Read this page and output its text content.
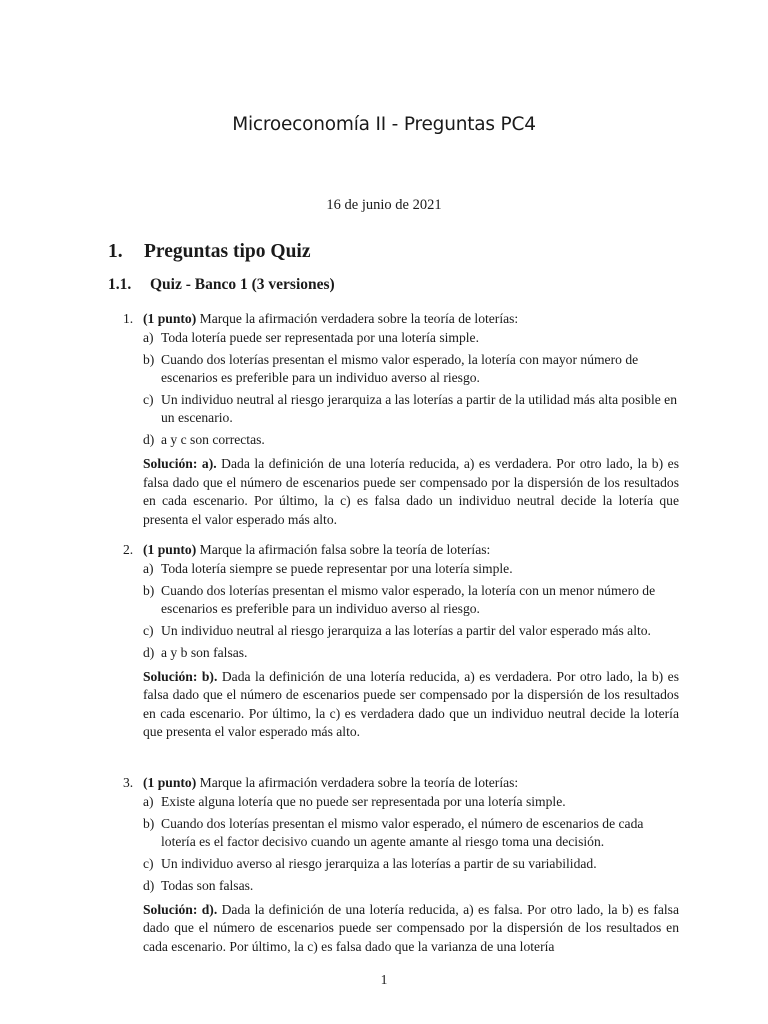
Microeconomía II - Preguntas PC4
16 de junio de 2021
1. Preguntas tipo Quiz
1.1. Quiz - Banco 1 (3 versiones)

1. (1 punto) Marque la afirmación verdadera sobre la teoría de loterías:

a) Toda lotería puede ser representada por una lotería simple.
b) Cuando dos loterías presentan el mismo valor esperado, la lotería con mayor número de escenarios es preferible para un individuo averso al riesgo.
c) Un individuo neutral al riesgo jerarquiza a las loterías a partir de la utilidad más alta posible en un escenario.
d) a y c son correctas.

Solución: a). Dada la definición de una lotería reducida, a) es verdadera. Por otro lado, la b) es falsa dado que el número de escenarios puede ser compensado por la dispersión de los resultados en cada escenario. Por último, la c) es falsa dado un individuo neutral decide la lotería que presenta el valor esperado más alto.

2. (1 punto) Marque la afirmación falsa sobre la teoría de loterías:

a) Toda lotería siempre se puede representar por una lotería simple.
b) Cuando dos loterías presentan el mismo valor esperado, la lotería con un menor número de escenarios es preferible para un individuo averso al riesgo.
c) Un individuo neutral al riesgo jerarquiza a las loterías a partir del valor esperado más alto.
d) a y b son falsas.

Solución: b). Dada la definición de una lotería reducida, a) es verdadera. Por otro lado, la b) es falsa dado que el número de escenarios puede ser compensado por la dispersión de los resultados en cada escenario. Por último, la c) es verdadera dado que un individuo neutral decide la lotería que presenta el valor esperado más alto.

3. (1 punto) Marque la afirmación verdadera sobre la teoría de loterías:

a) Existe alguna lotería que no puede ser representada por una lotería simple.
b) Cuando dos loterías presentan el mismo valor esperado, el número de escenarios de cada lotería es el factor decisivo cuando un agente amante al riesgo toma una decisión.
c) Un individuo averso al riesgo jerarquiza a las loterías a partir de su variabilidad.
d) Todas son falsas.

Solución: d). Dada la definición de una lotería reducida, a) es falsa. Por otro lado, la b) es falsa dado que el número de escenarios puede ser compensado por la dispersión de los resultados en cada escenario. Por último, la c) es falsa dado que la varianza de una lotería

1
